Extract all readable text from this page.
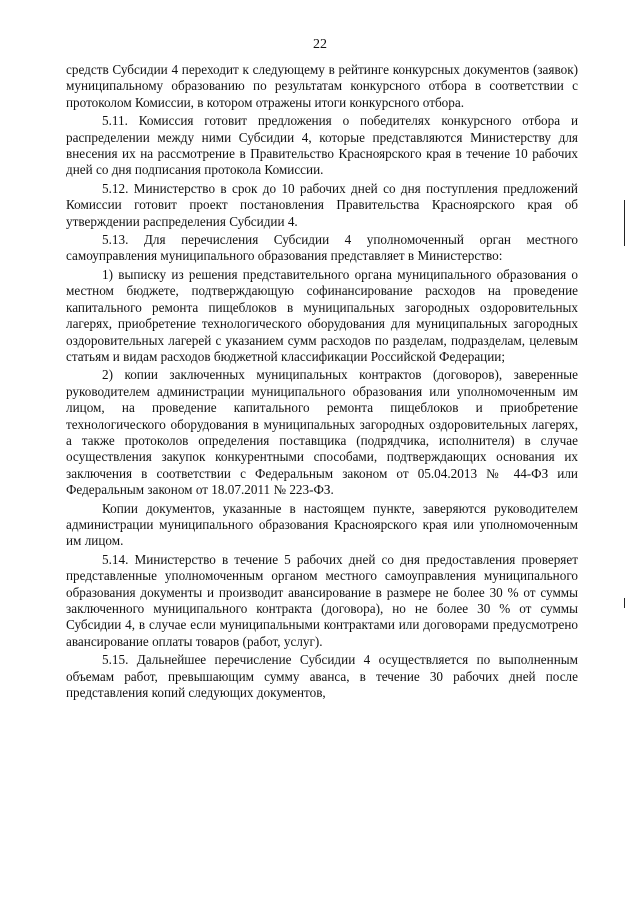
22

средств Субсидии 4 переходит к следующему в рейтинге конкурсных документов (заявок) муниципальному образованию по результатам конкурсного отбора в соответствии с протоколом Комиссии, в котором отражены итоги конкурсного отбора.

5.11. Комиссия готовит предложения о победителях конкурсного отбора и распределении между ними Субсидии 4, которые представляются Министерству для внесения их на рассмотрение в Правительство Красноярского края в течение 10 рабочих дней со дня подписания протокола Комиссии.

5.12. Министерство в срок до 10 рабочих дней со дня поступления предложений Комиссии готовит проект постановления Правительства Красноярского края об утверждении распределения Субсидии 4.

5.13. Для перечисления Субсидии 4 уполномоченный орган местного самоуправления муниципального образования представляет в Министерство:

1) выписку из решения представительного органа муниципального образования о местном бюджете, подтверждающую софинансирование расходов на проведение капитального ремонта пищеблоков в муниципальных загородных оздоровительных лагерях, приобретение технологического оборудования для муниципальных загородных оздоровительных лагерей с указанием сумм расходов по разделам, подразделам, целевым статьям и видам расходов бюджетной классификации Российской Федерации;

2) копии заключенных муниципальных контрактов (договоров), заверенные руководителем администрации муниципального образования или уполномоченным им лицом, на проведение капитального ремонта пищеблоков и приобретение технологического оборудования в муниципальных загородных оздоровительных лагерях, а также протоколов определения поставщика (подрядчика, исполнителя) в случае осуществления закупок конкурентными способами, подтверждающих основания их заключения в соответствии с Федеральным законом от 05.04.2013 № 44-ФЗ или Федеральным законом от 18.07.2011 № 223-ФЗ.

Копии документов, указанные в настоящем пункте, заверяются руководителем администрации муниципального образования Красноярского края или уполномоченным им лицом.

5.14. Министерство в течение 5 рабочих дней со дня предоставления проверяет представленные уполномоченным органом местного самоуправления муниципального образования документы и производит авансирование в размере не более 30 % от суммы заключенного муниципального контракта (договора), но не более 30 % от суммы Субсидии 4, в случае если муниципальными контрактами или договорами предусмотрено авансирование оплаты товаров (работ, услуг).

5.15. Дальнейшее перечисление Субсидии 4 осуществляется по выполненным объемам работ, превышающим сумму аванса, в течение 30 рабочих дней после представления копий следующих документов,
